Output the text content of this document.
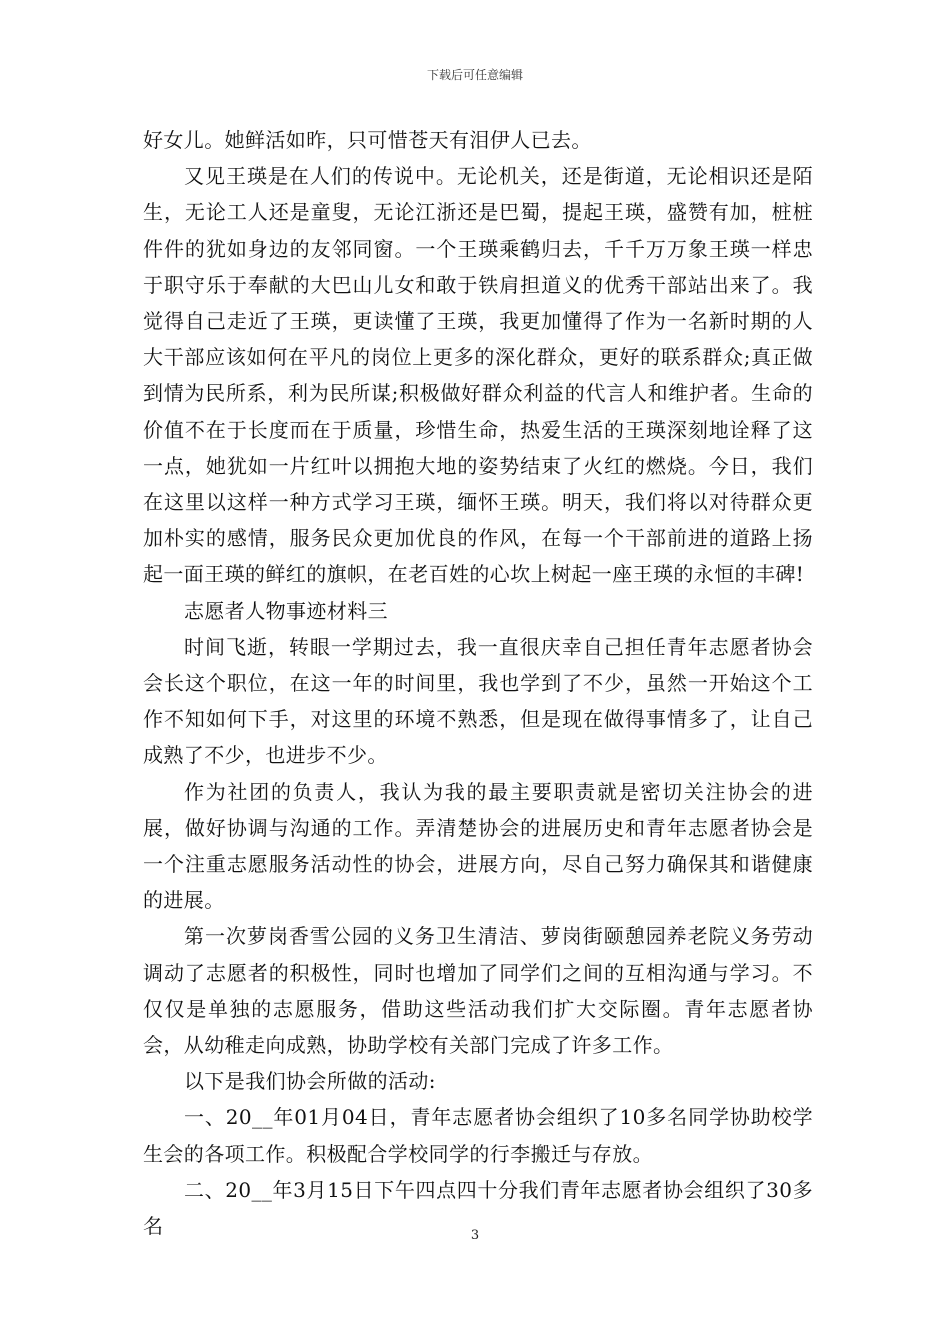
下载后可任意编辑

好女儿。她鲜活如昨，只可惜苍天有泪伊人已去。

又见王瑛是在人们的传说中。无论机关，还是街道，无论相识还是陌生，无论工人还是童叟，无论江浙还是巴蜀，提起王瑛，盛赞有加，桩桩件件的犹如身边的友邻同窗。一个王瑛乘鹤归去，千千万万象王瑛一样忠于职守乐于奉献的大巴山儿女和敢于铁肩担道义的优秀干部站出来了。我觉得自己走近了王瑛，更读懂了王瑛，我更加懂得了作为一名新时期的人大干部应该如何在平凡的岗位上更多的深化群众，更好的联系群众;真正做到情为民所系，利为民所谋;积极做好群众利益的代言人和维护者。生命的价值不在于长度而在于质量，珍惜生命，热爱生活的王瑛深刻地诠释了这一点，她犹如一片红叶以拥抱大地的姿势结束了火红的燃烧。今日，我们在这里以这样一种方式学习王瑛，缅怀王瑛。明天，我们将以对待群众更加朴实的感情，服务民众更加优良的作风，在每一个干部前进的道路上扬起一面王瑛的鲜红的旗帜，在老百姓的心坎上树起一座王瑛的永恒的丰碑!

志愿者人物事迹材料三

时间飞逝，转眼一学期过去，我一直很庆幸自己担任青年志愿者协会会长这个职位，在这一年的时间里，我也学到了不少，虽然一开始这个工作不知如何下手，对这里的环境不熟悉，但是现在做得事情多了，让自己成熟了不少，也进步不少。

作为社团的负责人，我认为我的最主要职责就是密切关注协会的进展，做好协调与沟通的工作。弄清楚协会的进展历史和青年志愿者协会是一个注重志愿服务活动性的协会，进展方向，尽自己努力确保其和谐健康的进展。

第一次萝岗香雪公园的义务卫生清洁、萝岗街颐憩园养老院义务劳动调动了志愿者的积极性，同时也增加了同学们之间的互相沟通与学习。不仅仅是单独的志愿服务，借助这些活动我们扩大交际圈。青年志愿者协会，从幼稚走向成熟，协助学校有关部门完成了许多工作。

以下是我们协会所做的活动:

一、20__年01月04日，青年志愿者协会组织了10多名同学协助校学生会的各项工作。积极配合学校同学的行李搬迁与存放。

二、20__年3月15日下午四点四十分我们青年志愿者协会组织了30多名	3
